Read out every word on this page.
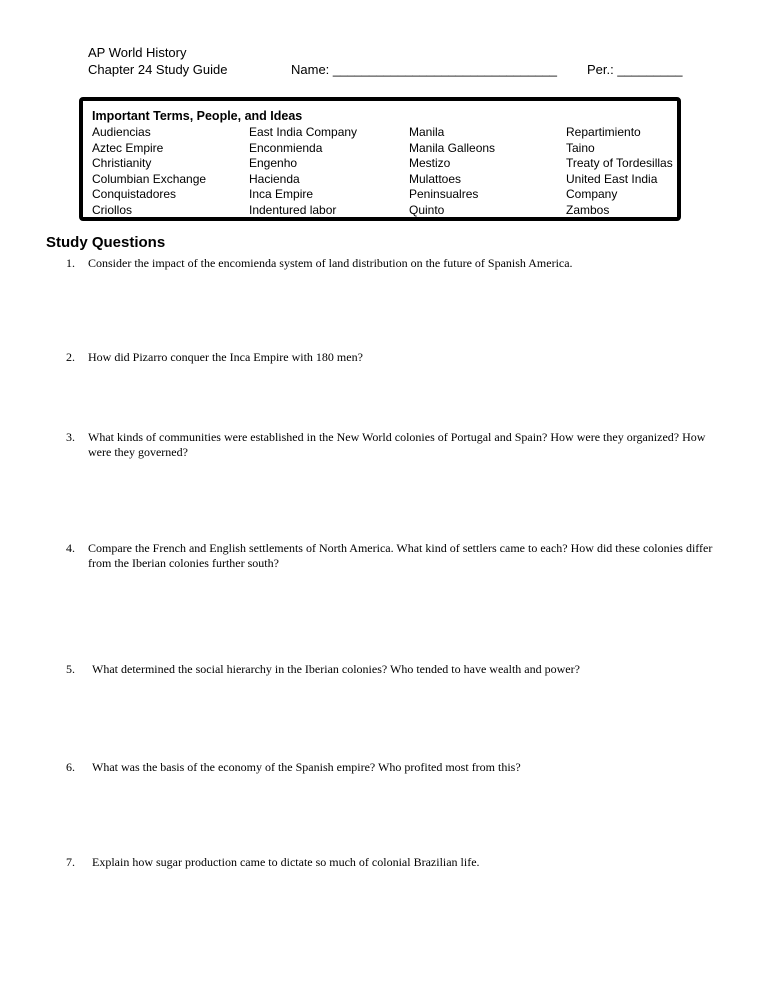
AP World History
Chapter 24 Study Guide	Name: _______________________________ Per.: _________
Important Terms, People, and Ideas
Audiencias
Aztec Empire
Christianity
Columbian Exchange
Conquistadores
Criollos
East India Company
Enconmienda
Engenho
Hacienda
Inca Empire
Indentured labor
Manila
Manila Galleons
Mestizo
Mulattoes
Peninsualres
Quinto
Repartimiento
Taino
Treaty of Tordesillas
United East India
Company
Zambos
Study Questions
1. Consider the impact of the encomienda system of land distribution on the future of Spanish America.
2. How did Pizarro conquer the Inca Empire with 180 men?
3. What kinds of communities were established in the New World colonies of Portugal and Spain? How were they organized? How were they governed?
4. Compare the French and English settlements of North America. What kind of settlers came to each? How did these colonies differ from the Iberian colonies further south?
5. What determined the social hierarchy in the Iberian colonies? Who tended to have wealth and power?
6. What was the basis of the economy of the Spanish empire? Who profited most from this?
7. Explain how sugar production came to dictate so much of colonial Brazilian life.
